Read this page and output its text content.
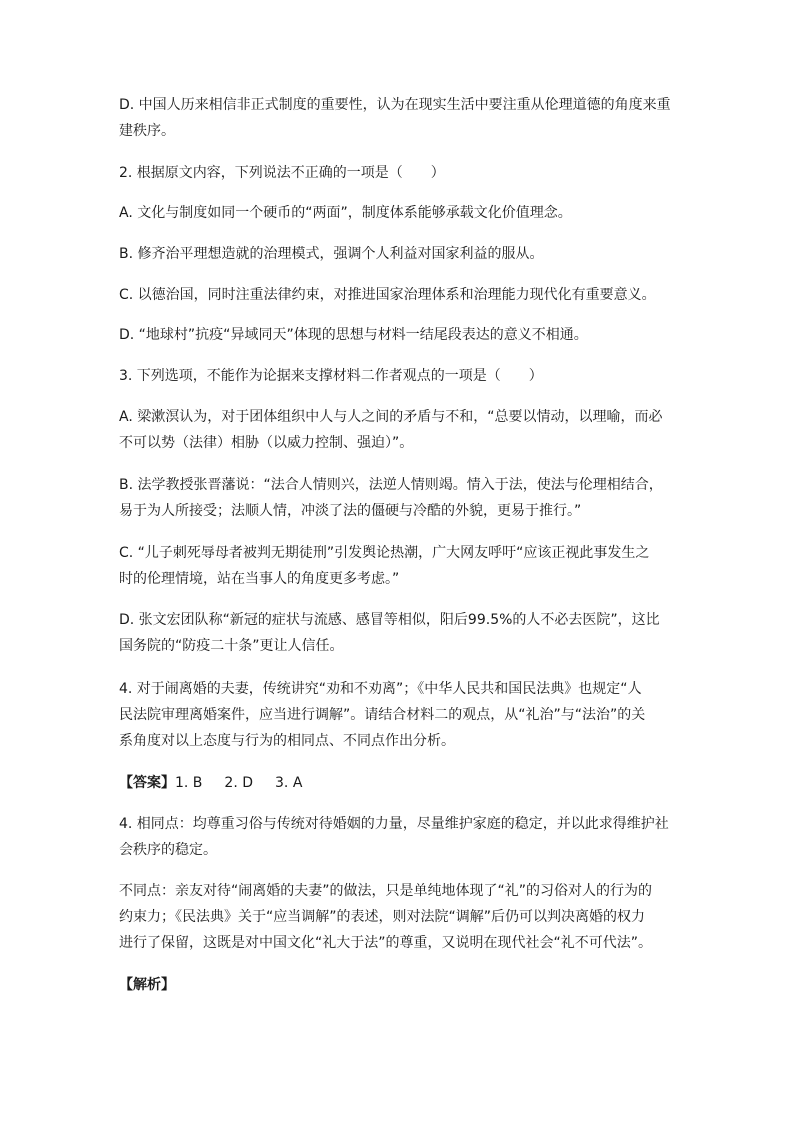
D. 中国人历来相信非正式制度的重要性，认为在现实生活中要注重从伦理道德的角度来重
建秩序。

2. 根据原文内容，下列说法不正确的一项是（　　）

A. 文化与制度如同一个硬币的“两面”，制度体系能够承载文化价值理念。

B. 修齐治平理想造就的治理模式，强调个人利益对国家利益的服从。

C. 以德治国，同时注重法律约束，对推进国家治理体系和治理能力现代化有重要意义。

D. “地球村”抗疫“异域同天”体现的思想与材料一结尾段表达的意义不相通。

3. 下列选项，不能作为论据来支撑材料二作者观点的一项是（　　）

A. 梁漱溟认为，对于团体组织中人与人之间的矛盾与不和，“总要以情动，以理喻，而必
不可以势（法律）相胁（以威力控制、强迫）”。

B. 法学教授张晋藩说：“法合人情则兴，法逆人情则竭。情入于法，使法与伦理相结合，
易于为人所接受；法顺人情，冲淡了法的僵硬与冷酷的外貌，更易于推行。”

C. “儿子刺死辱母者被判无期徒刑”引发舆论热潮，广大网友呼吁“应该正视此事发生之
时的伦理情境，站在当事人的角度更多考虑。”

D. 张文宏团队称“新冠的症状与流感、感冒等相似，阳后99.5%的人不必去医院”，这比
国务院的“防疫二十条”更让人信任。

4. 对于闹离婚的夫妻，传统讲究“劝和不劝离”；《中华人民共和国民法典》也规定“人
民法院审理离婚案件，应当进行调解”。请结合材料二的观点，从“礼治”与“法治”的关
系角度对以上态度与行为的相同点、不同点作出分析。

【答案】1. B 2. D 3. A

4. 相同点：均尊重习俗与传统对待婚姻的力量，尽量维护家庭的稳定，并以此求得维护社
会秩序的稳定。

不同点：亲友对待“闹离婚的夫妻”的做法，只是单纯地体现了“礼”的习俗对人的行为的
约束力；《民法典》关于“应当调解”的表述，则对法院“调解”后仍可以判决离婚的权力
进行了保留，这既是对中国文化“礼大于法”的尊重，又说明在现代社会“礼不可代法”。

【解析】
